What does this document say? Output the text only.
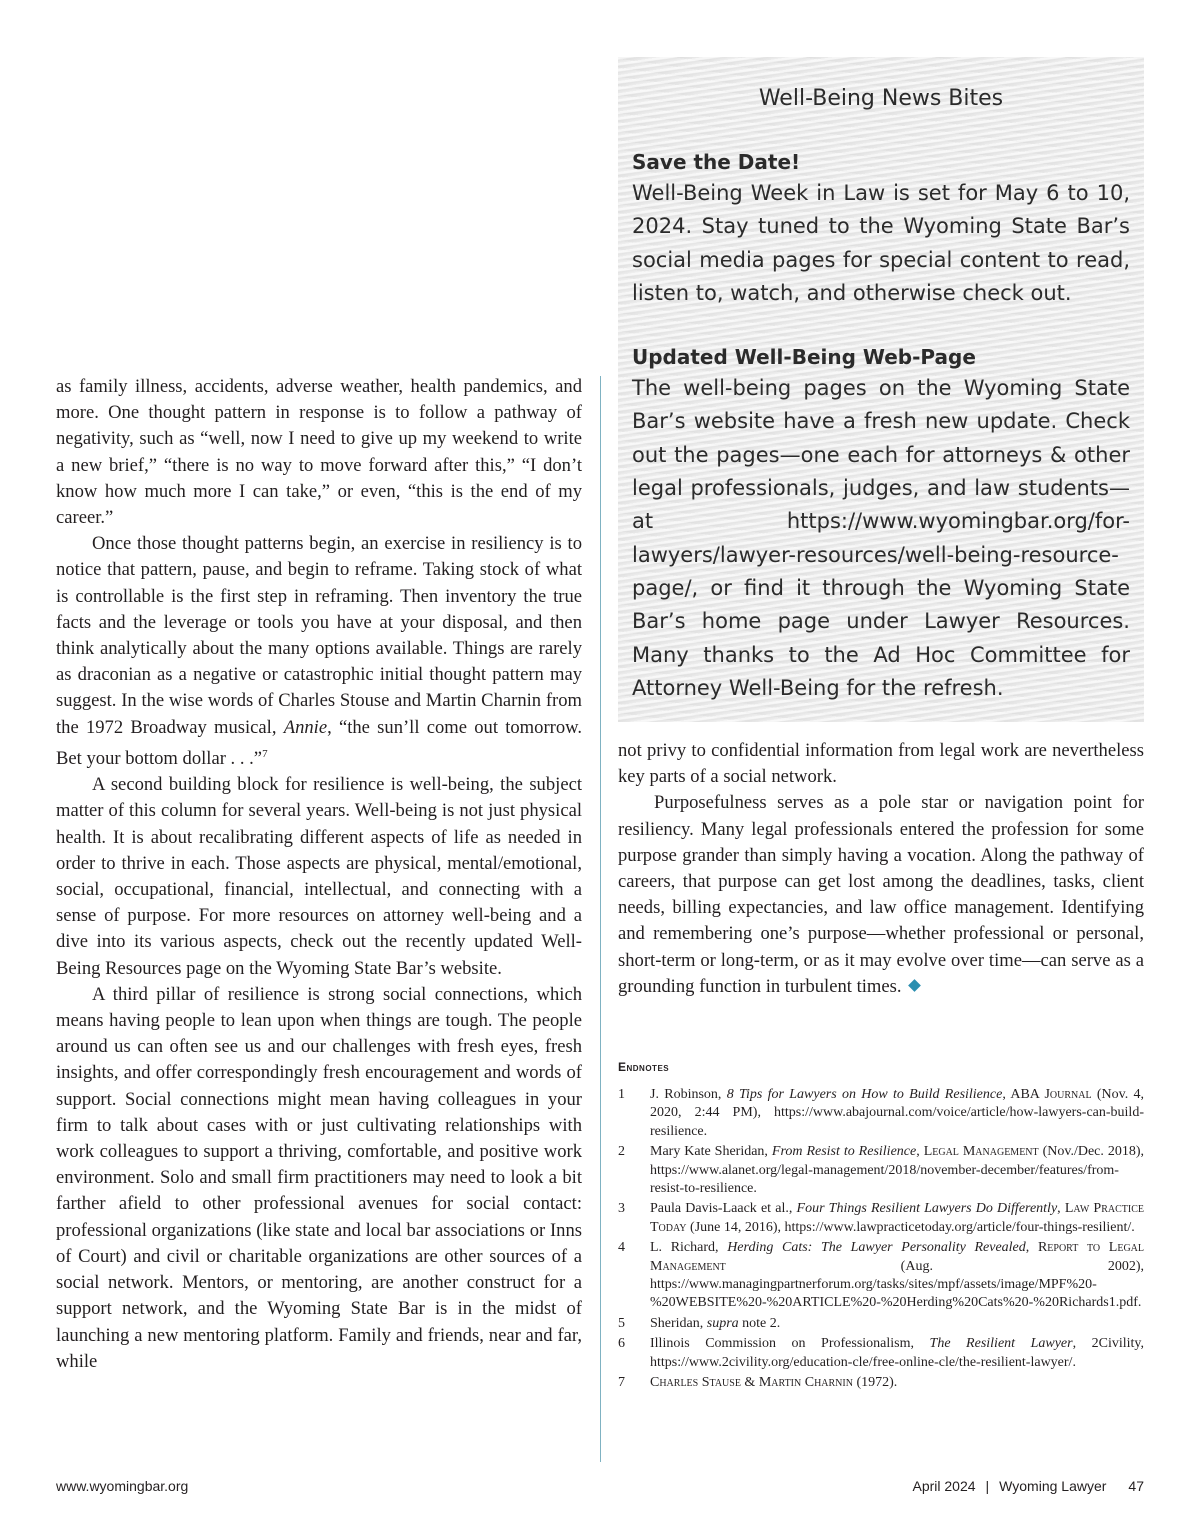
Well-Being News Bites

Save the Date!

Well-Being Week in Law is set for May 6 to 10, 2024. Stay tuned to the Wyoming State Bar’s social media pages for special content to read, listen to, watch, and otherwise check out.

Updated Well-Being Web-Page

The well-being pages on the Wyoming State Bar’s website have a fresh new update. Check out the pages—one each for attorneys & other legal professionals, judges, and law students—at https://www.wyomingbar.org/for-lawyers/lawyer-resources/well-being-resource-page/, or find it through the Wyoming State Bar’s home page under Lawyer Resources. Many thanks to the Ad Hoc Committee for Attorney Well-Being for the refresh.

as family illness, accidents, adverse weather, health pandemics, and more. One thought pattern in response is to follow a pathway of negativity, such as “well, now I need to give up my weekend to write a new brief,” “there is no way to move forward after this,” “I don’t know how much more I can take,” or even, “this is the end of my career.”

Once those thought patterns begin, an exercise in resiliency is to notice that pattern, pause, and begin to reframe. Taking stock of what is controllable is the first step in reframing. Then inventory the true facts and the leverage or tools you have at your disposal, and then think analytically about the many options available. Things are rarely as draconian as a negative or catastrophic initial thought pattern may suggest. In the wise words of Charles Stouse and Martin Charnin from the 1972 Broadway musical, Annie, “the sun’ll come out tomorrow. Bet your bottom dollar . . .”$^7$

A second building block for resilience is well-being, the subject matter of this column for several years. Well-being is not just physical health. It is about recalibrating different aspects of life as needed in order to thrive in each. Those aspects are physical, mental/emotional, social, occupational, financial, intellectual, and connecting with a sense of purpose. For more resources on attorney well-being and a dive into its various aspects, check out the recently updated Well-Being Resources page on the Wyoming State Bar’s website.

A third pillar of resilience is strong social connections, which means having people to lean upon when things are tough. The people around us can often see us and our challenges with fresh eyes, fresh insights, and offer correspondingly fresh encouragement and words of support. Social connections might mean having colleagues in your firm to talk about cases with or just cultivating relationships with work colleagues to support a thriving, comfortable, and positive work environment. Solo and small firm practitioners may need to look a bit farther afield to other professional avenues for social contact: professional organizations (like state and local bar associations or Inns of Court) and civil or charitable organizations are other sources of a social network. Mentors, or mentoring, are another construct for a support network, and the Wyoming State Bar is in the midst of launching a new mentoring platform. Family and friends, near and far, while

not privy to confidential information from legal work are nevertheless key parts of a social network.

Purposefulness serves as a pole star or navigation point for resiliency. Many legal professionals entered the profession for some purpose grander than simply having a vocation. Along the pathway of careers, that purpose can get lost among the deadlines, tasks, client needs, billing expectancies, and law office management. Identifying and remembering one’s purpose—whether professional or personal, short-term or long-term, or as it may evolve over time—can serve as a grounding function in turbulent times.

Endnotes
1 J. Robinson, 8 Tips for Lawyers on How to Build Resilience, ABA Journal (Nov. 4, 2020, 2:44 PM), https://www.abajournal.com/voice/article/how-lawyers-can-build-resilience.
2 Mary Kate Sheridan, From Resist to Resilience, Legal Management (Nov./Dec. 2018), https://www.alanet.org/legal-management/2018/november-december/features/from-resist-to-resilience.
3 Paula Davis-Laack et al., Four Things Resilient Lawyers Do Differently, Law Practice Today (June 14, 2016), https://www.lawpracticetoday.org/article/four-things-resilient/.
4 L. Richard, Herding Cats: The Lawyer Personality Revealed, Report to Legal Management (Aug. 2002), https://www.managingpartnerforum.org/tasks/sites/mpf/assets/image/MPF%20-%20WEBSITE%20-%20ARTICLE%20-%20Herding%20Cats%20-%20Richards1.pdf.
5 Sheridan, supra note 2.
6 Illinois Commission on Professionalism, The Resilient Lawyer, 2Civility, https://www.2civility.org/education-cle/free-online-cle/the-resilient-lawyer/.
7 Charles Stause & Martin Charnin (1972).
www.wyomingbar.org	April 2024 | Wyoming Lawyer 47
